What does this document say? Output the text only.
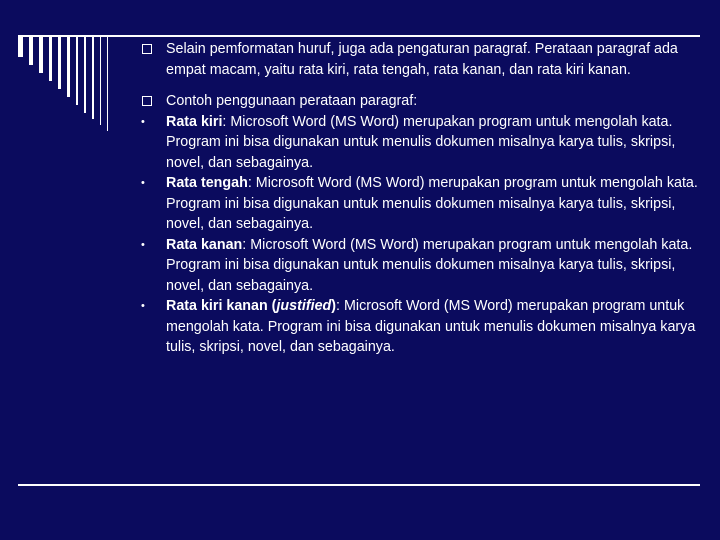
Selain pemformatan huruf, juga ada pengaturan paragraf. Perataan paragraf ada empat macam, yaitu rata kiri, rata tengah, rata kanan, dan rata kiri kanan.
Contoh penggunaan perataan paragraf:
• Rata kiri: Microsoft Word (MS Word) merupakan program untuk mengolah kata. Program ini bisa digunakan untuk menulis dokumen misalnya karya tulis, skripsi, novel, dan sebagainya.
• Rata tengah: Microsoft Word (MS Word) merupakan program untuk mengolah kata. Program ini bisa digunakan untuk menulis dokumen misalnya karya tulis, skripsi, novel, dan sebagainya.
• Rata kanan: Microsoft Word (MS Word) merupakan program untuk mengolah kata. Program ini bisa digunakan untuk menulis dokumen misalnya karya tulis, skripsi, novel, dan sebagainya.
• Rata kiri kanan (justified): Microsoft Word (MS Word) merupakan program untuk mengolah kata. Program ini bisa digunakan untuk menulis dokumen misalnya karya tulis, skripsi, novel, dan sebagainya.
